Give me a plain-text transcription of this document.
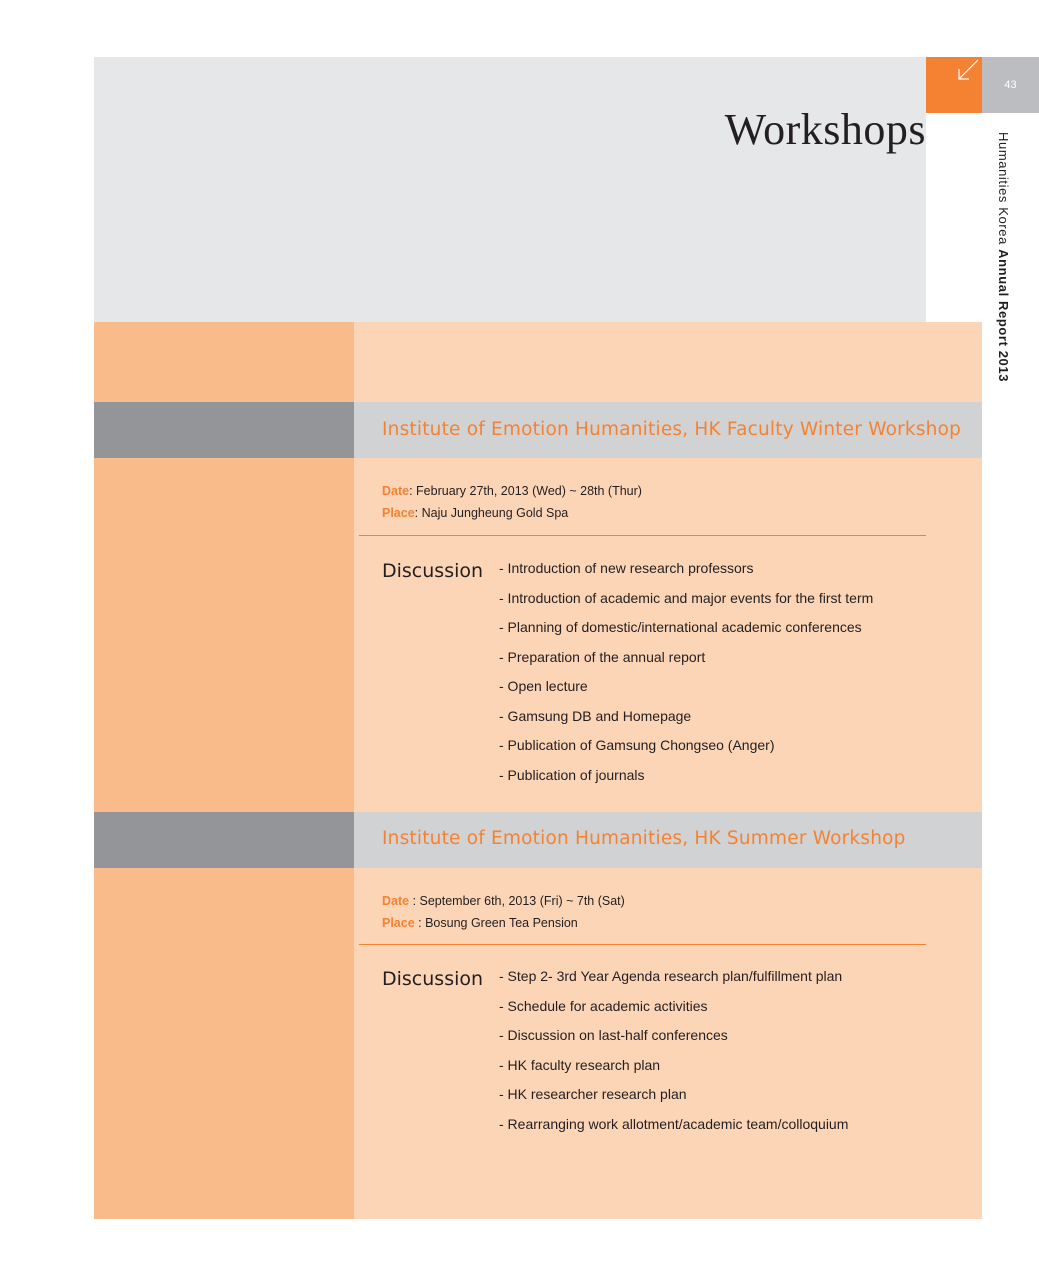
43
Workshops
Humanities Korea Annual Report 2013
Institute of Emotion Humanities, HK Faculty Winter Workshop
Date: February 27th, 2013 (Wed) ~ 28th (Thur)
Place: Naju Jungheung Gold Spa
Discussion - Introduction of new research professors
- Introduction of academic and major events for the first term
- Planning of domestic/international academic conferences
- Preparation of the annual report
- Open lecture
- Gamsung DB and Homepage
- Publication of Gamsung Chongseo (Anger)
- Publication of journals
Institute of Emotion Humanities, HK Summer Workshop
Date : September 6th, 2013 (Fri) ~ 7th (Sat)
Place : Bosung Green Tea Pension
Discussion - Step 2- 3rd Year Agenda research plan/fulfillment plan
- Schedule for academic activities
- Discussion on last-half conferences
- HK faculty research plan
- HK researcher research plan
- Rearranging work allotment/academic team/colloquium
